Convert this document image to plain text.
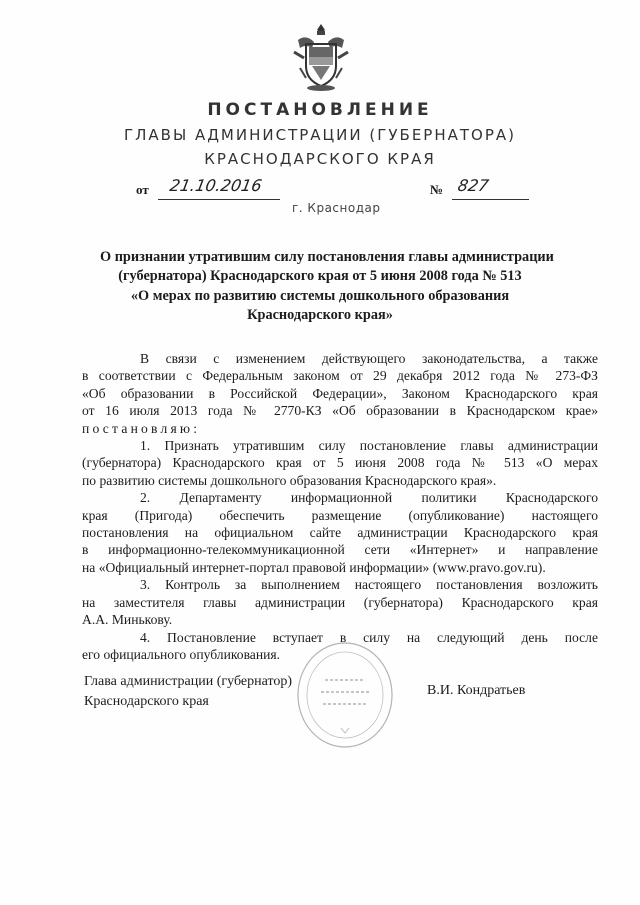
ПОСТАНОВЛЕНИЕ
ГЛАВЫ АДМИНИСТРАЦИИ (ГУБЕРНАТОРА)
КРАСНОДАРСКОГО КРАЯ
от 21.10.2016	№ 827
г. Краснодар
О признании утратившим силу постановления главы администрации
(губернатора) Краснодарского края от 5 июня 2008 года № 513
«О мерах по развитию системы дошкольного образования
Краснодарского края»
В связи с изменением действующего законодательства, а также
в соответствии с Федеральным законом от 29 декабря 2012 года № 273-ФЗ
«Об образовании в Российской Федерации», Законом Краснодарского края
от 16 июля 2013 года № 2770-КЗ «Об образовании в Краснодарском крае»
постановляю:
1. Признать утратившим силу постановление главы администрации
(губернатора) Краснодарского края от 5 июня 2008 года № 513 «О мерах
по развитию системы дошкольного образования Краснодарского края».
2. Департаменту информационной политики Краснодарского
края (Пригода) обеспечить размещение (опубликование) настоящего
постановления на официальном сайте администрации Краснодарского края
в информационно-телекоммуникационной сети «Интернет» и направление
на «Официальный интернет-портал правовой информации» (www.pravo.gov.ru).
3. Контроль за выполнением настоящего постановления возложить
на заместителя главы администрации (губернатора) Краснодарского края
А.А. Минькову.
4. Постановление вступает в силу на следующий день после
его официального опубликования.
Глава администрации (губернатор)
Краснодарского края
В.И. Кондратьев
